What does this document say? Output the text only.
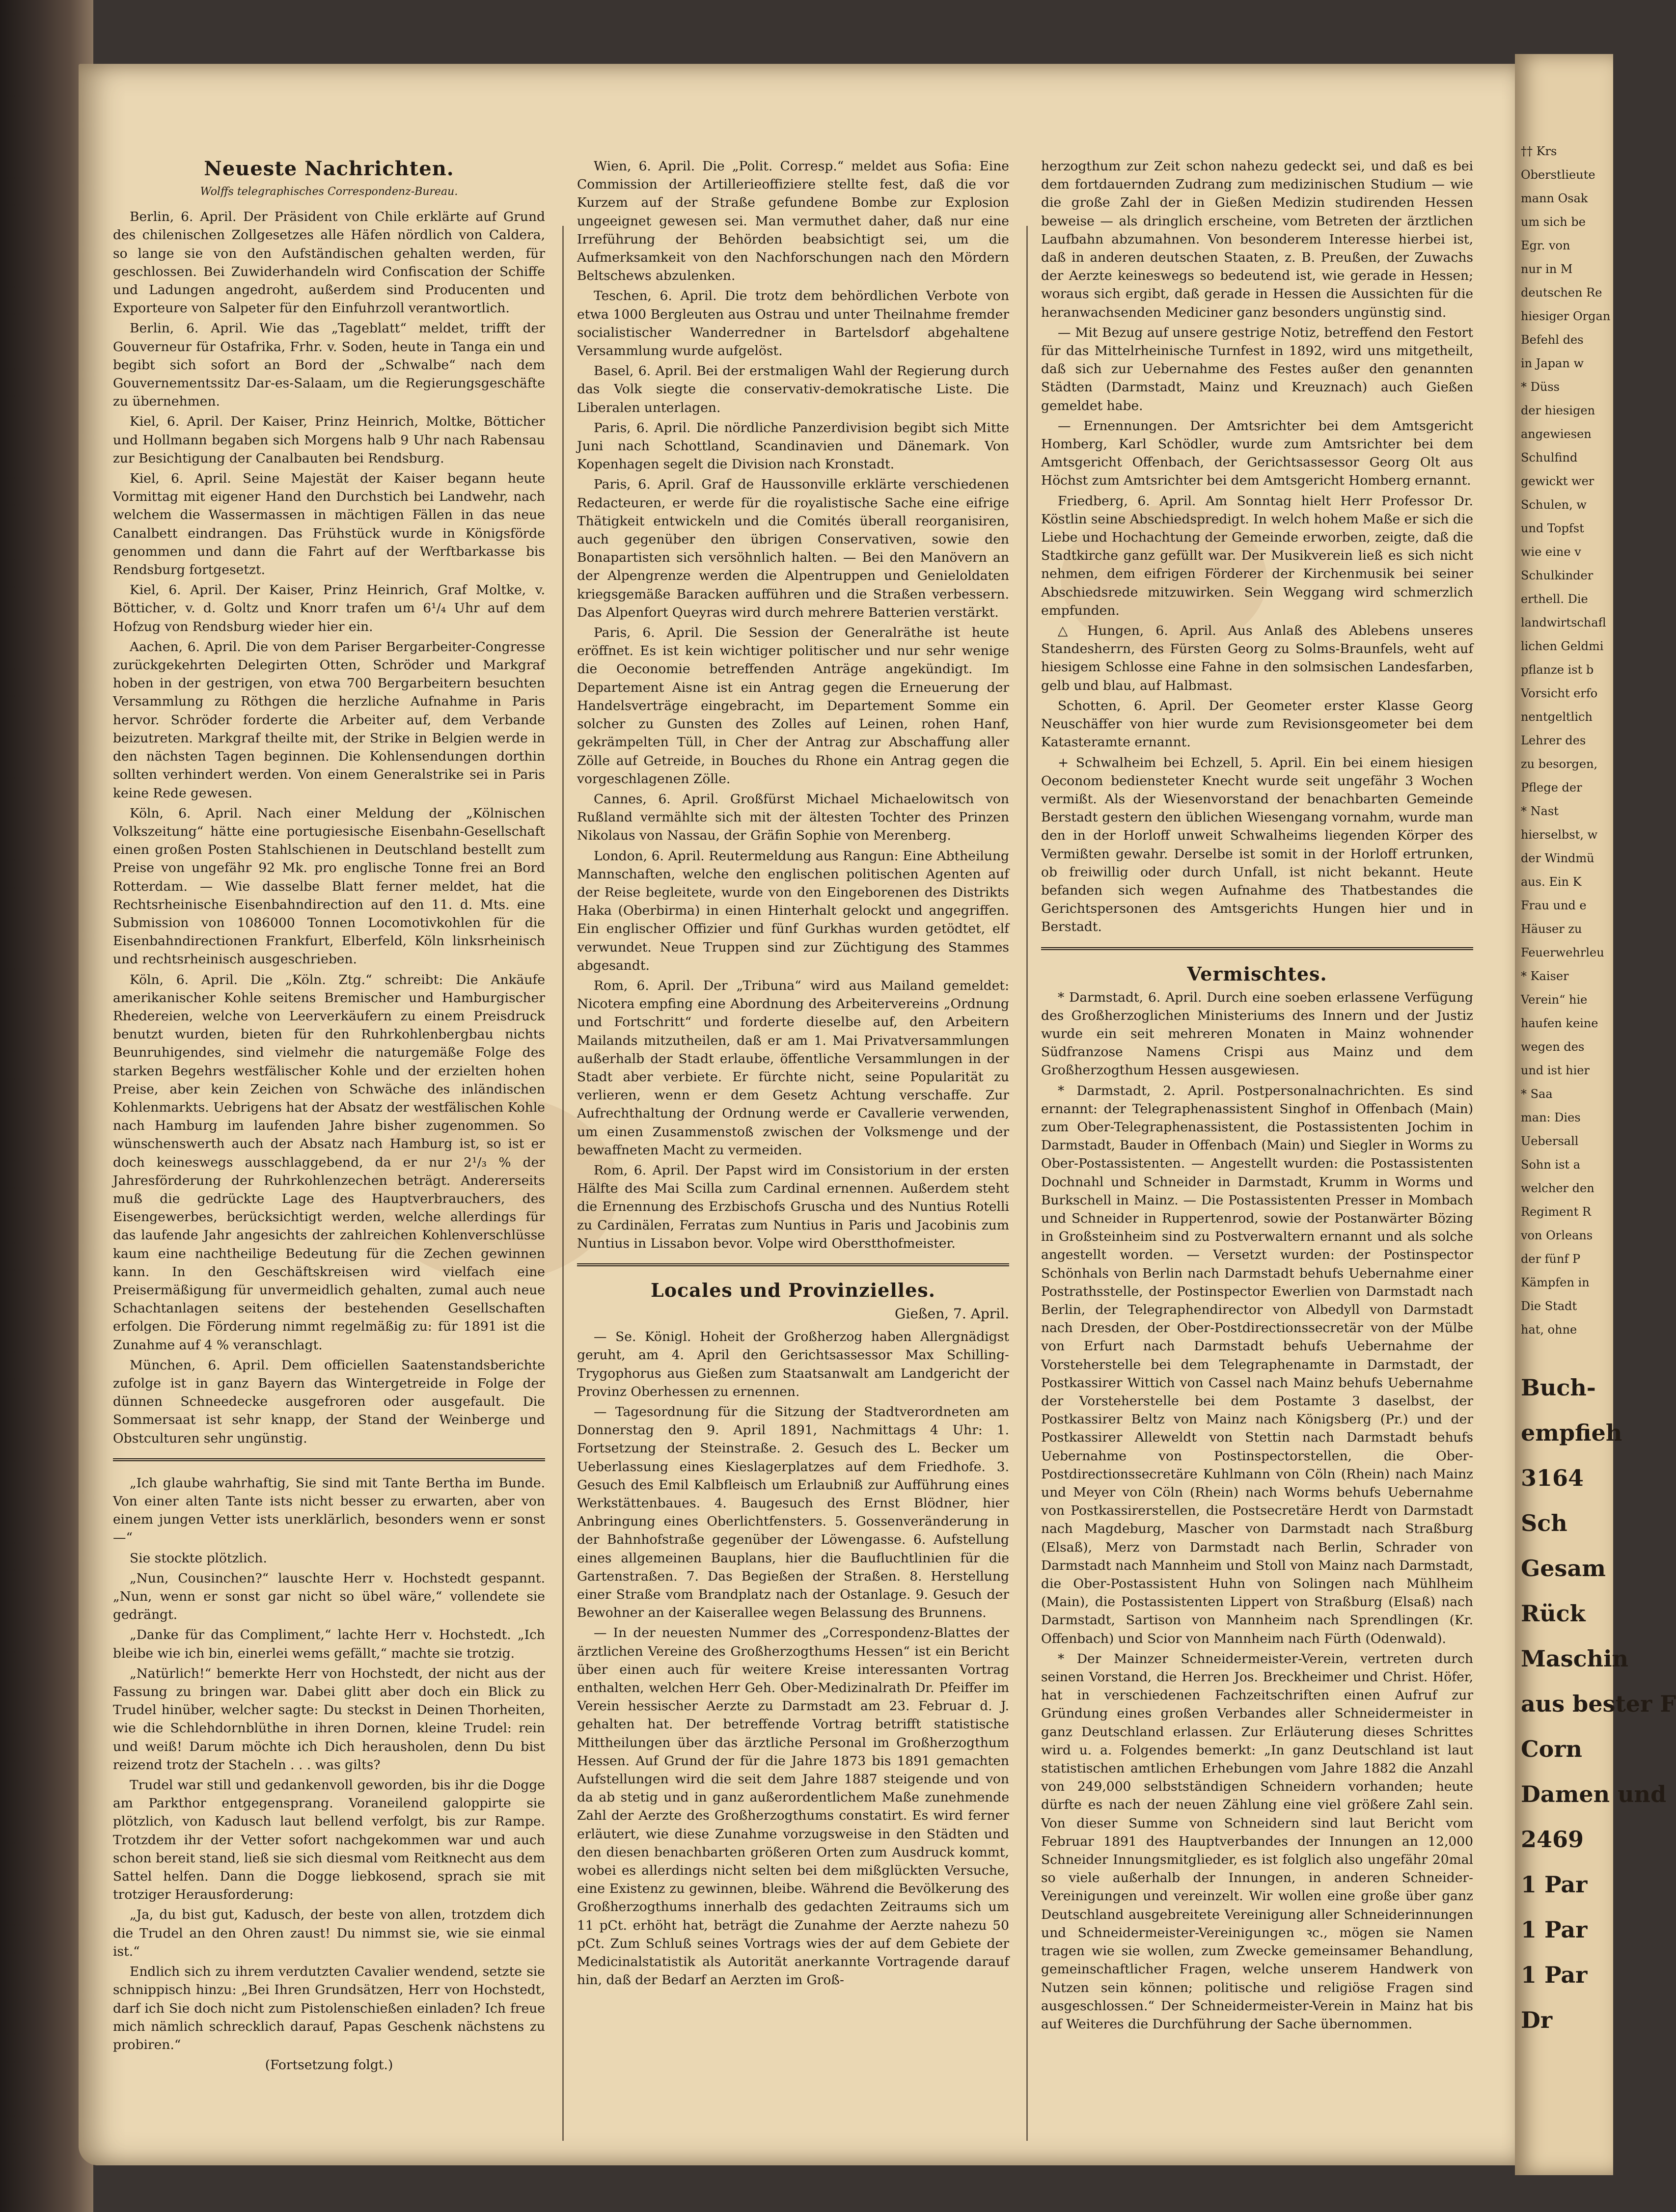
Neueste Nachrichten.
Wolffs telegraphisches Correspondenz-Bureau.

Berlin, 6. April. Der Präsident von Chile erklärte auf Grund des chilenischen Zollgesetzes alle Häfen nördlich von Caldera, so lange sie von den Aufständischen gehalten werden, für geschlossen. Bei Zuwiderhandeln wird Confiscation der Schiffe und Ladungen angedroht, außerdem sind Producenten und Exporteure von Salpeter für den Einfuhrzoll verantwortlich.

Berlin, 6. April. Wie das „Tageblatt“ meldet, trifft der Gouverneur für Ostafrika, Frhr. v. Soden, heute in Tanga ein und begibt sich sofort an Bord der „Schwalbe“ nach dem Gouvernementssitz Dar-es-Salaam, um die Regierungsgeschäfte zu übernehmen.

Kiel, 6. April. Der Kaiser, Prinz Heinrich, Moltke, Bötticher und Hollmann begaben sich Morgens halb 9 Uhr nach Rabensau zur Besichtigung der Canalbauten bei Rendsburg.

Kiel, 6. April. Seine Majestät der Kaiser begann heute Vormittag mit eigener Hand den Durchstich bei Landwehr, nach welchem die Wassermassen in mächtigen Fällen in das neue Canalbett eindrangen. Das Frühstück wurde in Königsförde genommen und dann die Fahrt auf der Werftbarkasse bis Rendsburg fortgesetzt.

Kiel, 6. April. Der Kaiser, Prinz Heinrich, Graf Moltke, v. Bötticher, v. d. Goltz und Knorr trafen um 6¹/₄ Uhr auf dem Hofzug von Rendsburg wieder hier ein.

Aachen, 6. April. Die von dem Pariser Bergarbeiter-Congresse zurückgekehrten Delegirten Otten, Schröder und Markgraf hoben in der gestrigen, von etwa 700 Bergarbeitern besuchten Versammlung zu Röthgen die herzliche Aufnahme in Paris hervor. Schröder forderte die Arbeiter auf, dem Verbande beizutreten. Markgraf theilte mit, der Strike in Belgien werde in den nächsten Tagen beginnen. Die Kohlensendungen dorthin sollten verhindert werden. Von einem Generalstrike sei in Paris keine Rede gewesen.

Köln, 6. April. Nach einer Meldung der „Kölnischen Volkszeitung“ hätte eine portugiesische Eisenbahn-Gesellschaft einen großen Posten Stahlschienen in Deutschland bestellt zum Preise von ungefähr 92 Mk. pro englische Tonne frei an Bord Rotterdam. — Wie dasselbe Blatt ferner meldet, hat die Rechtsrheinische Eisenbahndirection auf den 11. d. Mts. eine Submission von 1086000 Tonnen Locomotivkohlen für die Eisenbahndirectionen Frankfurt, Elberfeld, Köln linksrheinisch und rechtsrheinisch ausgeschrieben.

Köln, 6. April. Die „Köln. Ztg.“ schreibt: Die Ankäufe amerikanischer Kohle seitens Bremischer und Hamburgischer Rhedereien, welche von Leerverkäufern zu einem Preisdruck benutzt wurden, bieten für den Ruhrkohlenbergbau nichts Beunruhigendes, sind vielmehr die naturgemäße Folge des starken Begehrs westfälischer Kohle und der erzielten hohen Preise, aber kein Zeichen von Schwäche des inländischen Kohlenmarkts. Uebrigens hat der Absatz der westfälischen Kohle nach Hamburg im laufenden Jahre bisher zugenommen. So wünschenswerth auch der Absatz nach Hamburg ist, so ist er doch keineswegs ausschlaggebend, da er nur 2¹/₃ % der Jahresförderung der Ruhrkohlenzechen beträgt. Andererseits muß die gedrückte Lage des Hauptverbrauchers, des Eisengewerbes, berücksichtigt werden, welche allerdings für das laufende Jahr angesichts der zahlreichen Kohlenverschlüsse kaum eine nachtheilige Bedeutung für die Zechen gewinnen kann. In den Geschäftskreisen wird vielfach eine Preisermäßigung für unvermeidlich gehalten, zumal auch neue Schachtanlagen seitens der bestehenden Gesellschaften erfolgen. Die Förderung nimmt regelmäßig zu: für 1891 ist die Zunahme auf 4 % veranschlagt.

München, 6. April. Dem officiellen Saatenstandsberichte zufolge ist in ganz Bayern das Wintergetreide in Folge der dünnen Schneedecke ausgefroren oder ausgefault. Die Sommersaat ist sehr knapp, der Stand der Weinberge und Obstculturen sehr ungünstig.

„Ich glaube wahrhaftig, Sie sind mit Tante Bertha im Bunde. Von einer alten Tante ists nicht besser zu erwarten, aber von einem jungen Vetter ists unerklärlich, besonders wenn er sonst —“

Sie stockte plötzlich.

„Nun, Cousinchen?“ lauschte Herr v. Hochstedt gespannt. „Nun, wenn er sonst gar nicht so übel wäre,“ vollendete sie gedrängt.

„Danke für das Compliment,“ lachte Herr v. Hochstedt. „Ich bleibe wie ich bin, einerlei wems gefällt,“ machte sie trotzig.

„Natürlich!“ bemerkte Herr von Hochstedt, der nicht aus der Fassung zu bringen war. Dabei glitt aber doch ein Blick zu Trudel hinüber, welcher sagte: Du steckst in Deinen Thorheiten, wie die Schlehdornblüthe in ihren Dornen, kleine Trudel: rein und weiß! Darum möchte ich Dich herausholen, denn Du bist reizend trotz der Stacheln . . . was gilts?

Trudel war still und gedankenvoll geworden, bis ihr die Dogge am Parkthor entgegensprang. Voraneilend galoppirte sie plötzlich, von Kadusch laut bellend verfolgt, bis zur Rampe. Trotzdem ihr der Vetter sofort nachgekommen war und auch schon bereit stand, ließ sie sich diesmal vom Reitknecht aus dem Sattel helfen. Dann die Dogge liebkosend, sprach sie mit trotziger Herausforderung:

„Ja, du bist gut, Kadusch, der beste von allen, trotzdem dich die Trudel an den Ohren zaust! Du nimmst sie, wie sie einmal ist.“

Endlich sich zu ihrem verdutzten Cavalier wendend, setzte sie schnippisch hinzu: „Bei Ihren Grundsätzen, Herr von Hochstedt, darf ich Sie doch nicht zum Pistolenschießen einladen? Ich freue mich nämlich schrecklich darauf, Papas Geschenk nächstens zu probiren.“

(Fortsetzung folgt.)

Wien, 6. April. Die „Polit. Corresp.“ meldet aus Sofia: Eine Commission der Artillerieoffiziere stellte fest, daß die vor Kurzem auf der Straße gefundene Bombe zur Explosion ungeeignet gewesen sei. Man vermuthet daher, daß nur eine Irreführung der Behörden beabsichtigt sei, um die Aufmerksamkeit von den Nachforschungen nach den Mördern Beltschews abzulenken.

Teschen, 6. April. Die trotz dem behördlichen Verbote von etwa 1000 Bergleuten aus Ostrau und unter Theilnahme fremder socialistischer Wanderredner in Bartelsdorf abgehaltene Versammlung wurde aufgelöst.

Basel, 6. April. Bei der erstmaligen Wahl der Regierung durch das Volk siegte die conservativ-demokratische Liste. Die Liberalen unterlagen.

Paris, 6. April. Die nördliche Panzerdivision begibt sich Mitte Juni nach Schottland, Scandinavien und Dänemark. Von Kopenhagen segelt die Division nach Kronstadt.

Paris, 6. April. Graf de Haussonville erklärte verschiedenen Redacteuren, er werde für die royalistische Sache eine eifrige Thätigkeit entwickeln und die Comités überall reorganisiren, auch gegenüber den übrigen Conservativen, sowie den Bonapartisten sich versöhnlich halten. — Bei den Manövern an der Alpengrenze werden die Alpentruppen und Genieloldaten kriegsgemäße Baracken aufführen und die Straßen verbessern. Das Alpenfort Queyras wird durch mehrere Batterien verstärkt.

Paris, 6. April. Die Session der Generalräthe ist heute eröffnet. Es ist kein wichtiger politischer und nur sehr wenige die Oeconomie betreffenden Anträge angekündigt. Im Departement Aisne ist ein Antrag gegen die Erneuerung der Handelsverträge eingebracht, im Departement Somme ein solcher zu Gunsten des Zolles auf Leinen, rohen Hanf, gekrämpelten Tüll, in Cher der Antrag zur Abschaffung aller Zölle auf Getreide, in Bouches du Rhone ein Antrag gegen die vorgeschlagenen Zölle.

Cannes, 6. April. Großfürst Michael Michaelowitsch von Rußland vermählte sich mit der ältesten Tochter des Prinzen Nikolaus von Nassau, der Gräfin Sophie von Merenberg.

London, 6. April. Reutermeldung aus Rangun: Eine Abtheilung Mannschaften, welche den englischen politischen Agenten auf der Reise begleitete, wurde von den Eingeborenen des Distrikts Haka (Oberbirma) in einen Hinterhalt gelockt und angegriffen. Ein englischer Offizier und fünf Gurkhas wurden getödtet, elf verwundet. Neue Truppen sind zur Züchtigung des Stammes abgesandt.

Rom, 6. April. Der „Tribuna“ wird aus Mailand gemeldet: Nicotera empfing eine Abordnung des Arbeitervereins „Ordnung und Fortschritt“ und forderte dieselbe auf, den Arbeitern Mailands mitzutheilen, daß er am 1. Mai Privatversammlungen außerhalb der Stadt erlaube, öffentliche Versammlungen in der Stadt aber verbiete. Er fürchte nicht, seine Popularität zu verlieren, wenn er dem Gesetz Achtung verschaffe. Zur Aufrechthaltung der Ordnung werde er Cavallerie verwenden, um einen Zusammenstoß zwischen der Volksmenge und der bewaffneten Macht zu vermeiden.

Rom, 6. April. Der Papst wird im Consistorium in der ersten Hälfte des Mai Scilla zum Cardinal ernennen. Außerdem steht die Ernennung des Erzbischofs Gruscha und des Nuntius Rotelli zu Cardinälen, Ferratas zum Nuntius in Paris und Jacobinis zum Nuntius in Lissabon bevor. Volpe wird Oberstthofmeister.

Locales und Provinzielles.
Gießen, 7. April.

— Se. Königl. Hoheit der Großherzog haben Allergnädigst geruht, am 4. April den Gerichtsassessor Max Schilling-Trygophorus aus Gießen zum Staatsanwalt am Landgericht der Provinz Oberhessen zu ernennen.

— Tagesordnung für die Sitzung der Stadtverordneten am Donnerstag den 9. April 1891, Nachmittags 4 Uhr: 1. Fortsetzung der Steinstraße. 2. Gesuch des L. Becker um Ueberlassung eines Kieslagerplatzes auf dem Friedhofe. 3. Gesuch des Emil Kalbfleisch um Erlaubniß zur Aufführung eines Werkstättenbaues. 4. Baugesuch des Ernst Blödner, hier Anbringung eines Oberlichtfensters. 5. Gossenveränderung in der Bahnhofstraße gegenüber der Löwengasse. 6. Aufstellung eines allgemeinen Bauplans, hier die Baufluchtlinien für die Gartenstraßen. 7. Das Begießen der Straßen. 8. Herstellung einer Straße vom Brandplatz nach der Ostanlage. 9. Gesuch der Bewohner an der Kaiserallee wegen Belassung des Brunnens.

— In der neuesten Nummer des „Correspondenz-Blattes der ärztlichen Vereine des Großherzogthums Hessen“ ist ein Bericht über einen auch für weitere Kreise interessanten Vortrag enthalten, welchen Herr Geh. Ober-Medizinalrath Dr. Pfeiffer im Verein hessischer Aerzte zu Darmstadt am 23. Februar d. J. gehalten hat. Der betreffende Vortrag betrifft statistische Mittheilungen über das ärztliche Personal im Großherzogthum Hessen. Auf Grund der für die Jahre 1873 bis 1891 gemachten Aufstellungen wird die seit dem Jahre 1887 steigende und von da ab stetig und in ganz außerordentlichem Maße zunehmende Zahl der Aerzte des Großherzogthums constatirt. Es wird ferner erläutert, wie diese Zunahme vorzugsweise in den Städten und den diesen benachbarten größeren Orten zum Ausdruck kommt, wobei es allerdings nicht selten bei dem mißglückten Versuche, eine Existenz zu gewinnen, bleibe. Während die Bevölkerung des Großherzogthums innerhalb des gedachten Zeitraums sich um 11 pCt. erhöht hat, beträgt die Zunahme der Aerzte nahezu 50 pCt. Zum Schluß seines Vortrags wies der auf dem Gebiete der Medicinalstatistik als Autorität anerkannte Vortragende darauf hin, daß der Bedarf an Aerzten im Groß-

herzogthum zur Zeit schon nahezu gedeckt sei, und daß es bei dem fortdauernden Zudrang zum medizinischen Studium — wie die große Zahl der in Gießen Medizin studirenden Hessen beweise — als dringlich erscheine, vom Betreten der ärztlichen Laufbahn abzumahnen. Von besonderem Interesse hierbei ist, daß in anderen deutschen Staaten, z. B. Preußen, der Zuwachs der Aerzte keineswegs so bedeutend ist, wie gerade in Hessen; woraus sich ergibt, daß gerade in Hessen die Aussichten für die heranwachsenden Mediciner ganz besonders ungünstig sind.

— Mit Bezug auf unsere gestrige Notiz, betreffend den Festort für das Mittelrheinische Turnfest in 1892, wird uns mitgetheilt, daß sich zur Uebernahme des Festes außer den genannten Städten (Darmstadt, Mainz und Kreuznach) auch Gießen gemeldet habe.

— Ernennungen. Der Amtsrichter bei dem Amtsgericht Homberg, Karl Schödler, wurde zum Amtsrichter bei dem Amtsgericht Offenbach, der Gerichtsassessor Georg Olt aus Höchst zum Amtsrichter bei dem Amtsgericht Homberg ernannt.

Friedberg, 6. April. Am Sonntag hielt Herr Professor Dr. Köstlin seine Abschiedspredigt. In welch hohem Maße er sich die Liebe und Hochachtung der Gemeinde erworben, zeigte, daß die Stadtkirche ganz gefüllt war. Der Musikverein ließ es sich nicht nehmen, dem eifrigen Förderer der Kirchenmusik bei seiner Abschiedsrede mitzuwirken. Sein Weggang wird schmerzlich empfunden.

△ Hungen, 6. April. Aus Anlaß des Ablebens unseres Standesherrn, des Fürsten Georg zu Solms-Braunfels, weht auf hiesigem Schlosse eine Fahne in den solmsischen Landesfarben, gelb und blau, auf Halbmast.

Schotten, 6. April. Der Geometer erster Klasse Georg Neuschäffer von hier wurde zum Revisionsgeometer bei dem Katasteramte ernannt.

+ Schwalheim bei Echzell, 5. April. Ein bei einem hiesigen Oeconom bediensteter Knecht wurde seit ungefähr 3 Wochen vermißt. Als der Wiesenvorstand der benachbarten Gemeinde Berstadt gestern den üblichen Wiesengang vornahm, wurde man den in der Horloff unweit Schwalheims liegenden Körper des Vermißten gewahr. Derselbe ist somit in der Horloff ertrunken, ob freiwillig oder durch Unfall, ist nicht bekannt. Heute befanden sich wegen Aufnahme des Thatbestandes die Gerichtspersonen des Amtsgerichts Hungen hier und in Berstadt.

Vermischtes.

* Darmstadt, 6. April. Durch eine soeben erlassene Verfügung des Großherzoglichen Ministeriums des Innern und der Justiz wurde ein seit mehreren Monaten in Mainz wohnender Südfranzose Namens Crispi aus Mainz und dem Großherzogthum Hessen ausgewiesen.

* Darmstadt, 2. April. Postpersonalnachrichten. Es sind ernannt: der Telegraphenassistent Singhof in Offenbach (Main) zum Ober-Telegraphenassistent, die Postassistenten Jochim in Darmstadt, Bauder in Offenbach (Main) und Siegler in Worms zu Ober-Postassistenten. — Angestellt wurden: die Postassistenten Dochnahl und Schneider in Darmstadt, Krumm in Worms und Burkschell in Mainz. — Die Postassistenten Presser in Mombach und Schneider in Ruppertenrod, sowie der Postanwärter Bözing in Großsteinheim sind zu Postverwaltern ernannt und als solche angestellt worden. — Versetzt wurden: der Postinspector Schönhals von Berlin nach Darmstadt behufs Uebernahme einer Postrathsstelle, der Postinspector Ewerlien von Darmstadt nach Berlin, der Telegraphendirector von Albedyll von Darmstadt nach Dresden, der Ober-Postdirectionssecretär von der Mülbe von Erfurt nach Darmstadt behufs Uebernahme der Vorsteherstelle bei dem Telegraphenamte in Darmstadt, der Postkassirer Wittich von Cassel nach Mainz behufs Uebernahme der Vorsteherstelle bei dem Postamte 3 daselbst, der Postkassirer Beltz von Mainz nach Königsberg (Pr.) und der Postkassirer Alleweldt von Stettin nach Darmstadt behufs Uebernahme von Postinspectorstellen, die Ober-Postdirectionssecretäre Kuhlmann von Cöln (Rhein) nach Mainz und Meyer von Cöln (Rhein) nach Worms behufs Uebernahme von Postkassirerstellen, die Postsecretäre Herdt von Darmstadt nach Magdeburg, Mascher von Darmstadt nach Straßburg (Elsaß), Merz von Darmstadt nach Berlin, Schrader von Darmstadt nach Mannheim und Stoll von Mainz nach Darmstadt, die Ober-Postassistent Huhn von Solingen nach Mühlheim (Main), die Postassistenten Lippert von Straßburg (Elsaß) nach Darmstadt, Sartison von Mannheim nach Sprendlingen (Kr. Offenbach) und Scior von Mannheim nach Fürth (Odenwald).

* Der Mainzer Schneidermeister-Verein, vertreten durch seinen Vorstand, die Herren Jos. Breckheimer und Christ. Höfer, hat in verschiedenen Fachzeitschriften einen Aufruf zur Gründung eines großen Verbandes aller Schneidermeister in ganz Deutschland erlassen. Zur Erläuterung dieses Schrittes wird u. a. Folgendes bemerkt: „In ganz Deutschland ist laut statistischen amtlichen Erhebungen vom Jahre 1882 die Anzahl von 249,000 selbstständigen Schneidern vorhanden; heute dürfte es nach der neuen Zählung eine viel größere Zahl sein. Von dieser Summe von Schneidern sind laut Bericht vom Februar 1891 des Hauptverbandes der Innungen an 12,000 Schneider Innungsmitglieder, es ist folglich also ungefähr 20mal so viele außerhalb der Innungen, in anderen Schneider-Vereinigungen und vereinzelt. Wir wollen eine große über ganz Deutschland ausgebreitete Vereinigung aller Schneiderinnungen und Schneidermeister-Vereinigungen ꝛc., mögen sie Namen tragen wie sie wollen, zum Zwecke gemeinsamer Behandlung, gemeinschaftlicher Fragen, welche unserem Handwerk von Nutzen sein können; politische und religiöse Fragen sind ausgeschlossen.“ Der Schneidermeister-Verein in Mainz hat bis auf Weiteres die Durchführung der Sache übernommen.

†† Krs
Oberstlieute
mann Osak
um sich be
Egr. von
nur in M
deutschen Re
hiesiger Organ
Befehl des
in Japan w
* Düss
der hiesigen
angewiesen
Schulfind
gewickt wer
Schulen, w
und Topfst
wie eine v
Schulkinder
erthell. Die
landwirtschafl
lichen Geldmi
pflanze ist b
Vorsicht erfo
nentgeltlich
Lehrer des
zu besorgen,
Pflege der
* Nast
hierselbst, w
der Windmü
aus. Ein K
Frau und e
Häuser zu
Feuerwehrleu
* Kaiser
Verein“ hie
haufen keine
wegen des
und ist hier
* Saa
man: Dies
Uebersall
Sohn ist a
welcher den
Regiment R
von Orleans
der fünf P
Kämpfen in
Die Stadt
hat, ohne
Buch-
empfieh
3164
Sch
Gesam
Rück
Maschin
aus bester F
Corn
Damen und
2469
1 Par
1 Par
1 Par
Dr
